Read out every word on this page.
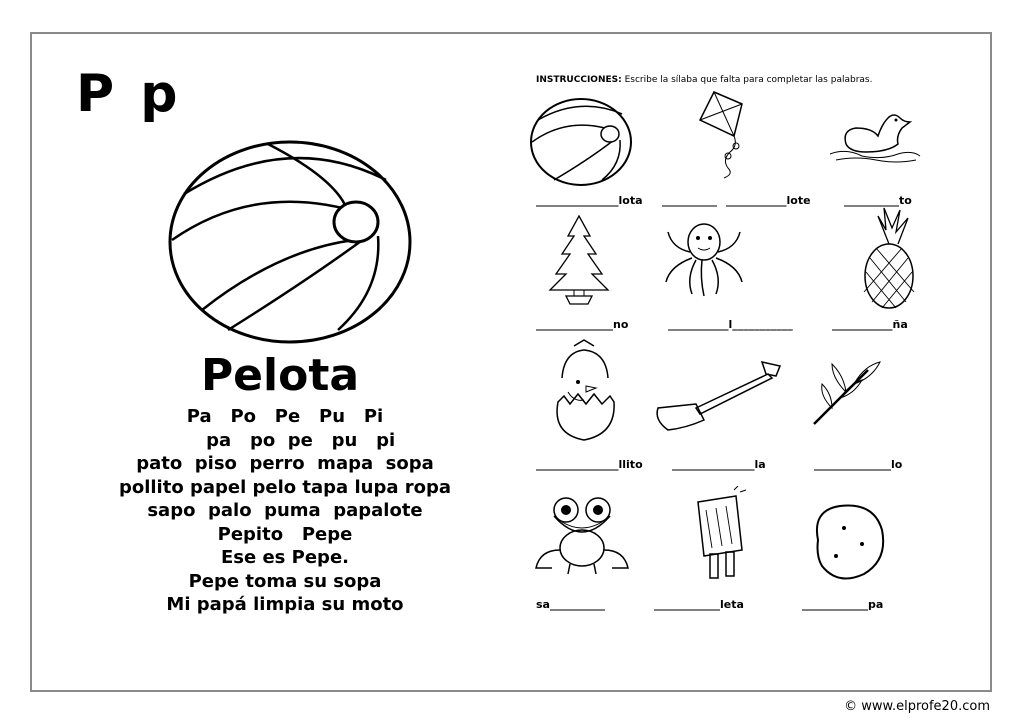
P p
Pelota
Pa   Po   Pe   Pu   Pi
pa   po  pe   pu   pi
pato  piso  perro  mapa  sopa
pollito papel pelo tapa lupa ropa
sapo  palo  puma  papalote
Pepito   Pepe
Ese es Pepe.
Pepe toma su sopa
Mi papá limpia su moto
INSTRUCCIONES: Escribe la sílaba que falta para completar las palabras.
_______________lota __________ ___________lote	__________to
______________no	___________l___________	___________ña
_______________llito	_______________la	______________lo
sa__________	____________leta	____________pa
© www.elprofe20.com
